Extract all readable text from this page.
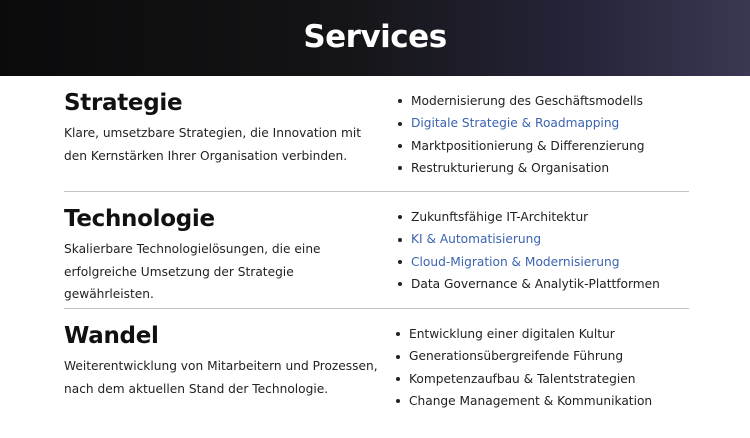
Services
Strategie
Klare, umsetzbare Strategien, die Innovation mit
den Kernstärken Ihrer Organisation verbinden.
Modernisierung des Geschäftsmodells
Digitale Strategie & Roadmapping
Marktpositionierung & Differenzierung
Restrukturierung & Organisation
Technologie
Skalierbare Technologielösungen, die eine
erfolgreiche Umsetzung der Strategie gewährleisten.
Zukunftsfähige IT-Architektur
KI & Automatisierung
Cloud-Migration & Modernisierung
Data Governance & Analytik-Plattformen
Wandel
Weiterentwicklung von Mitarbeitern und Prozessen,
nach dem aktuellen Stand der Technologie.
Entwicklung einer digitalen Kultur
Generationsübergreifende Führung
Kompetenzaufbau & Talentstrategien
Change Management & Kommunikation
